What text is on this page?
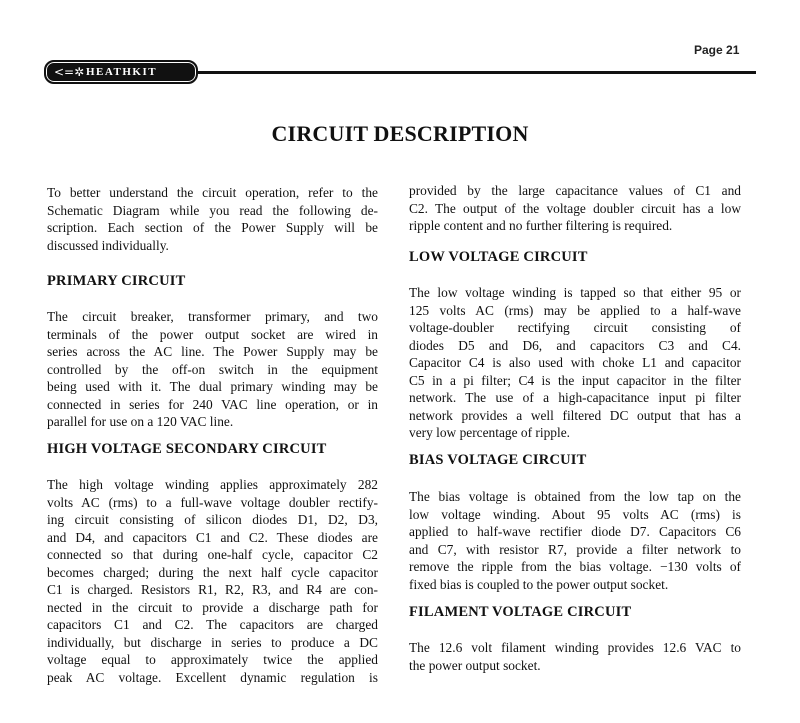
Page 21
<=✲ HEATHKIT
CIRCUIT DESCRIPTION
To better understand the circuit operation, refer to the
Schematic Diagram while you read the following de-
scription. Each section of the Power Supply will be
discussed individually.
PRIMARY CIRCUIT
The circuit breaker, transformer primary, and two
terminals of the power output socket are wired in
series across the AC line. The Power Supply may be
controlled by the off-on switch in the equipment
being used with it. The dual primary winding may be
connected in series for 240 VAC line operation, or in
parallel for use on a 120 VAC line.
HIGH VOLTAGE SECONDARY CIRCUIT
The high voltage winding applies approximately 282
volts AC (rms) to a full-wave voltage doubler rectify-
ing circuit consisting of silicon diodes D1, D2, D3,
and D4, and capacitors C1 and C2. These diodes are
connected so that during one-half cycle, capacitor C2
becomes charged; during the next half cycle capacitor
C1 is charged. Resistors R1, R2, R3, and R4 are con-
nected in the circuit to provide a discharge path for
capacitors C1 and C2. The capacitors are charged
individually, but discharge in series to produce a DC
voltage equal to approximately twice the applied
peak AC voltage. Excellent dynamic regulation is
provided by the large capacitance values of C1 and
C2. The output of the voltage doubler circuit has a low
ripple content and no further filtering is required.
LOW VOLTAGE CIRCUIT
The low voltage winding is tapped so that either 95 or
125 volts AC (rms) may be applied to a half-wave
voltage-doubler rectifying circuit consisting of
diodes D5 and D6, and capacitors C3 and C4.
Capacitor C4 is also used with choke L1 and capacitor
C5 in a pi filter; C4 is the input capacitor in the filter
network. The use of a high-capacitance input pi filter
network provides a well filtered DC output that has a
very low percentage of ripple.
BIAS VOLTAGE CIRCUIT
The bias voltage is obtained from the low tap on the
low voltage winding. About 95 volts AC (rms) is
applied to half-wave rectifier diode D7. Capacitors C6
and C7, with resistor R7, provide a filter network to
remove the ripple from the bias voltage. −130 volts of
fixed bias is coupled to the power output socket.
FILAMENT VOLTAGE CIRCUIT
The 12.6 volt filament winding provides 12.6 VAC to
the power output socket.
